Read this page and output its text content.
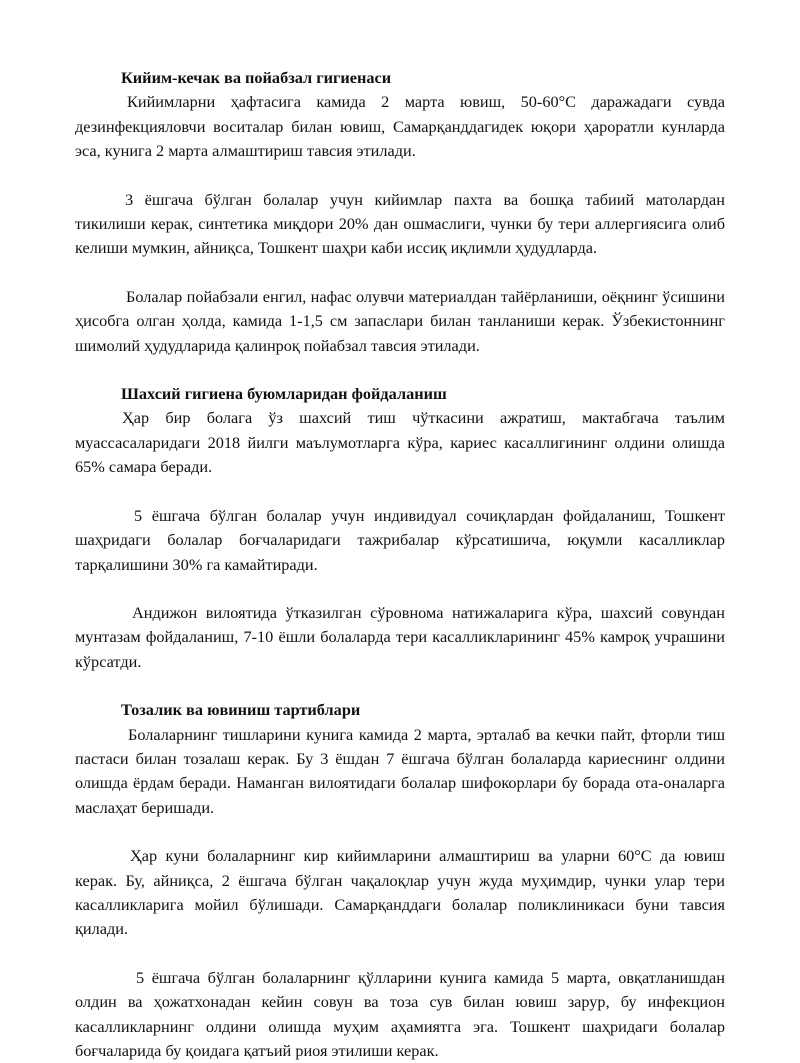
Кийим-кечак ва пойабзал гигиенаси

Кийимларни ҳафтасига камида 2 марта ювиш, 50-60°C даражадаги сувда дезинфекцияловчи воситалар билан ювиш, Самарқанддагидек юқори ҳароратли кунларда эса, кунига 2 марта алмаштириш тавсия этилади.

3 ёшгача бўлган болалар учун кийимлар пахта ва бошқа табиий матолардан тикилиши керак, синтетика миқдори 20% дан ошмаслиги, чунки бу тери аллергиясига олиб келиши мумкин, айниқса, Тошкент шаҳри каби иссиқ иқлимли ҳудудларда.

Болалар пойабзали енгил, нафас олувчи материалдан тайёрланиши, оёқнинг ўсишини ҳисобга олган ҳолда, камида 1-1,5 см запаслари билан танланиши керак. Ўзбекистоннинг шимолий ҳудудларида қалинроқ пойабзал тавсия этилади.

Шахсий гигиена буюмларидан фойдаланиш

Ҳар бир болага ўз шахсий тиш чўткасини ажратиш, мактабгача таълим муассасаларидаги 2018 йилги маълумотларга кўра, кариес касаллигининг олдини олишда 65% самара беради.

5 ёшгача бўлган болалар учун индивидуал сочиқлардан фойдаланиш, Тошкент шаҳридаги болалар боғчаларидаги тажрибалар кўрсатишича, юқумли касалликлар тарқалишини 30% га камайтиради.

Андижон вилоятида ўтказилган сўровнома натижаларига кўра, шахсий совундан мунтазам фойдаланиш, 7-10 ёшли болаларда тери касалликларининг 45% камроқ учрашини кўрсатди.

Тозалик ва ювиниш тартиблари

Болаларнинг тишларини кунига камида 2 марта, эрталаб ва кечки пайт, фторли тиш пастаси билан тозалаш керак. Бу 3 ёшдан 7 ёшгача бўлган болаларда кариеснинг олдини олишда ёрдам беради. Наманган вилоятидаги болалар шифокорлари бу борада ота-оналарга маслаҳат беришади.

Ҳар куни болаларнинг кир кийимларини алмаштириш ва уларни 60°C да ювиш керак. Бу, айниқса, 2 ёшгача бўлган чақалоқлар учун жуда муҳимдир, чунки улар тери касалликларига мойил бўлишади. Самарқанддаги болалар поликлиникаси буни тавсия қилади.

5 ёшгача бўлган болаларнинг қўлларини кунига камида 5 марта, овқатланишдан олдин ва ҳожатхонадан кейин совун ва тоза сув билан ювиш зарур, бу инфекцион касалликларнинг олдини олишда муҳим аҳамиятга эга. Тошкент шаҳридаги болалар боғчаларида бу қоидага қатъий риоя этилиши керак.
